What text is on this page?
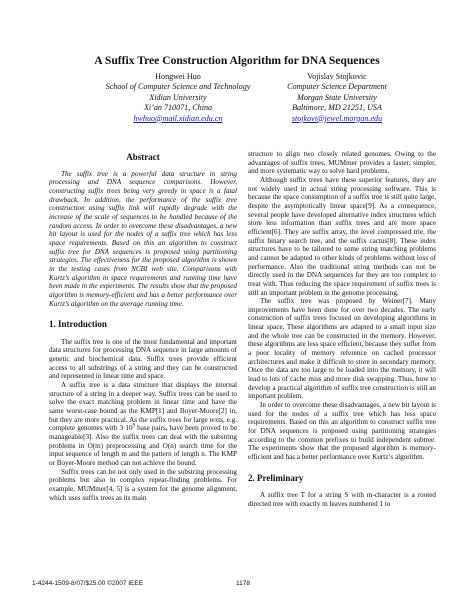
A Suffix Tree Construction Algorithm for DNA Sequences
Hongwei Huo
School of Computer Science and Technology
Xidian University
Xi’an 710071, China
hwhuo@mail.xidian.edu.cn
Vojislav Stojkovic
Computer Science Department
Morgan State University
Baltimore, MD 21251, USA
stojkovi@jewel.morgan.edu
Abstract

The suffix tree is a powerful data structure in string processing and DNA sequence comparisons. However, constructing suffix trees being very greedy in space is a fatal drawback. In addition, the performance of the suffix tree construction using suffix link will rapidly degrade with the increase of the scale of sequences to be handled because of the random access. In order to overcome these disadvantages, a new bit layout is used for the nodes of a suffix tree which has less space requirements. Based on this an algorithm to construct suffix tree for DNA sequences is proposed using partitioning strategies. The effectiveness for the proposed algorithm is shown in the testing cases from NCBI web site. Comparisons with Kurtz’s algorithm in space requirements and running time have been made in the experiments. The results show that the proposed algorithm is memory-efficient and has a better performance over Kurtz’s algorithm on the average running time.

1. Introduction

The suffix tree is one of the most fundamental and important data structures for processing DNA sequence in large amounts of genetic and biochemical data. Suffix trees provide efficient access to all substrings of a string and they can be constructed and represented in linear time and space.

A suffix tree is a data structure that displays the internal structure of a string in a deeper way. Suffix trees can be used to solve the exact matching problem in linear time and have the same worst-case bound as the KMP[1] and Boyer-Moore[2] in, but they are more practical. As the suffix trees for large texts, e.g. complete genomes with $3\cdot 10^9$ base pairs, have been proved to be manageable[3]. Also the suffix trees can deal with the substring problems in O(m) preprocessing and O(n) search time for the input sequence of length m and the pattern of length n. The KMP or Boyer-Moore method can not achieve the bound.

Suffix trees can be not only used in the substring processing problems but also in complex repeat-finding problems. For example, MUMmer[4, 5] is a system for the genome alignment, which uses suffix trees as its main

structure to align two closely related genomes. Owing to the advantages of suffix trees, MUMmer provides a faster, simpler, and more systematic way to solve hard problems.

Although suffix trees have these superior features, they are not widely used in actual string processing software. This is because the space consumption of a suffix tree is still quite large, despite the asymptotically linear space[9]. As a consequence, several people have developed alternative index structures which store less information than suffix trees and are more space efficient[6]. They are suffix array, the level compressed trie, the suffix binary search tree, and the suffix cactus[8]. These index structures have to be tailored to some string matching problems and cannot be adapted to other kinds of problems without loss of performance. Also the traditional string methods can not be directly used in the DNA sequences for they are too complex to treat with. Thus reducing the space requirement of suffix trees is still an important problem in the genome processing.

The suffix tree was proposed by Weiner[7]. Many improvements have been done for over two decades. The early construction of suffix trees focused on developing algorithms in linear space. These algorithms are adapted to a small input size and the whole tree can be constructed in the memory. However, these algorithms are less space efficient, because they suffer from a poor locality of memory reference on cached processor architectures and make it difficult to store in secondary memory. Once the data are too large to be loaded into the memory, it will lead to lots of cache miss and more disk swapping. Thus, how to develop a practical algorithm of suffix tree construction is still an important problem.

In order to overcome these disadvantages, a new bit layout is used for the nodes of a suffix tree which has less space requirements. Based on this an algorithm to construct suffix tree for DNA sequences is proposed using partitioning strategies according to the common prefixes to build independent subtree. The experiments show that the proposed algorithm is memory-efficient and has a better performance over Kurtz’s algorithm.

2. Preliminary

A suffix tree T for a string S with m-character is a rooted directed tree with exactly m leaves numbered 1 to

1-4244-1509-8/07/$25.00 ©2007 IEEE	1178
